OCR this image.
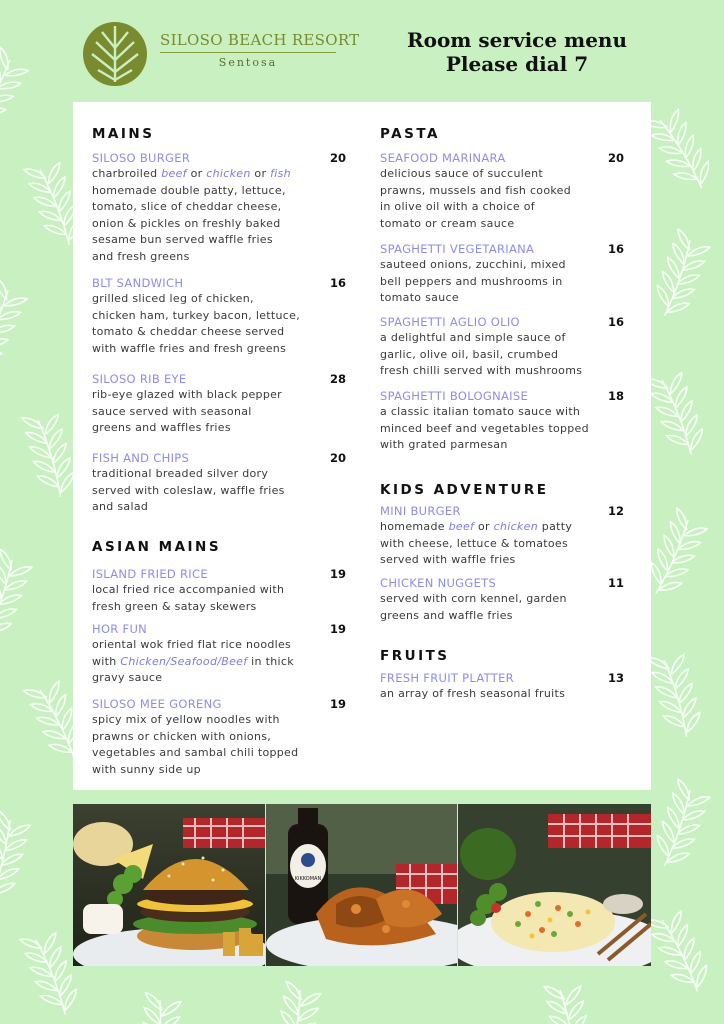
SILOSO BEACH RESORT
Sentosa
Room service menu
Please dial 7
MAINS
SILOSO BURGER
charbroiled beef or chicken or fish
homemade double patty, lettuce,
tomato, slice of cheddar cheese,
onion & pickles on freshly baked
sesame bun served waffle fries
and fresh greens
20
BLT SANDWICH
grilled sliced leg of chicken,
chicken ham, turkey bacon, lettuce,
tomato & cheddar cheese served
with waffle fries and fresh greens
16
SILOSO RIB EYE
rib-eye glazed with black pepper
sauce served with seasonal
greens and waffles fries
28
FISH AND CHIPS
traditional breaded silver dory
served with coleslaw, waffle fries
and salad
20
ASIAN MAINS
ISLAND FRIED RICE
local fried rice accompanied with
fresh green & satay skewers
19
HOR FUN
oriental wok fried flat rice noodles
with Chicken/Seafood/Beef in thick
gravy sauce
19
SILOSO MEE GORENG
spicy mix of yellow noodles with
prawns or chicken with onions,
vegetables and sambal chili topped
with sunny side up
19
PASTA
SEAFOOD MARINARA
delicious sauce of succulent
prawns, mussels and fish cooked
in olive oil with a choice of
tomato or cream sauce
20
SPAGHETTI VEGETARIANA
sauteed onions, zucchini, mixed
bell peppers and mushrooms in
tomato sauce
16
SPAGHETTI AGLIO OLIO
a delightful and simple sauce of
garlic, olive oil, basil, crumbed
fresh chilli served with mushrooms
16
SPAGHETTI BOLOGNAISE
a classic italian tomato sauce with
minced beef and vegetables topped
with grated parmesan
18
KIDS ADVENTURE
MINI BURGER
homemade beef or chicken patty
with cheese, lettuce & tomatoes
served with waffle fries
12
CHICKEN NUGGETS
served with corn kennel, garden
greens and waffle fries
11
FRUITS
FRESH FRUIT PLATTER
an array of fresh seasonal fruits
13
KIKKOMAN
